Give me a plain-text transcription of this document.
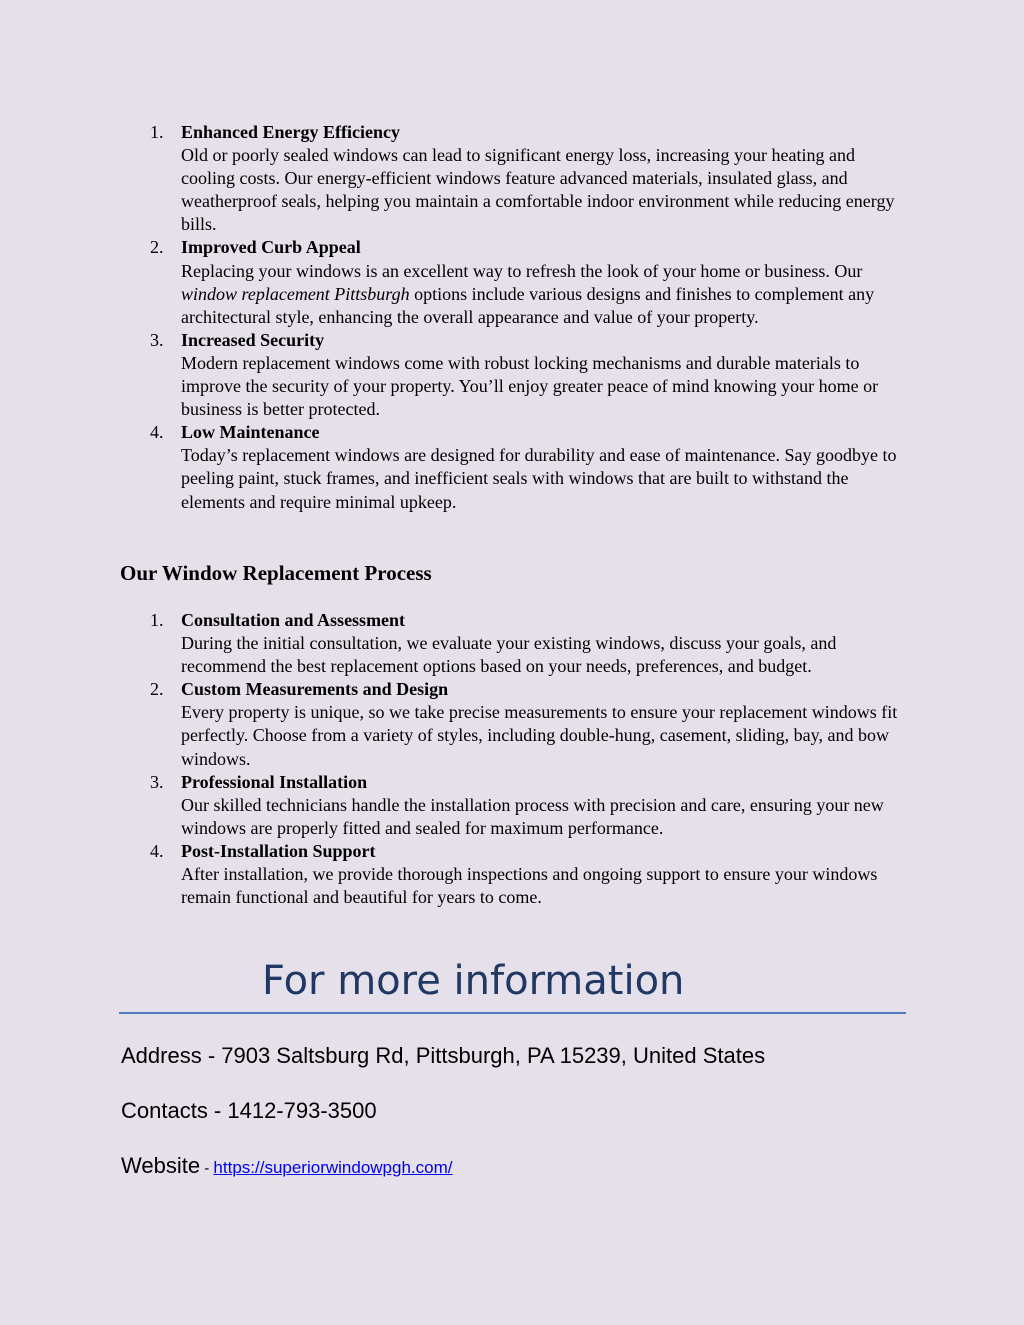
1. Enhanced Energy Efficiency
Old or poorly sealed windows can lead to significant energy loss, increasing your heating and cooling costs. Our energy-efficient windows feature advanced materials, insulated glass, and weatherproof seals, helping you maintain a comfortable indoor environment while reducing energy bills.
2. Improved Curb Appeal
Replacing your windows is an excellent way to refresh the look of your home or business. Our window replacement Pittsburgh options include various designs and finishes to complement any architectural style, enhancing the overall appearance and value of your property.
3. Increased Security
Modern replacement windows come with robust locking mechanisms and durable materials to improve the security of your property. You’ll enjoy greater peace of mind knowing your home or business is better protected.
4. Low Maintenance
Today’s replacement windows are designed for durability and ease of maintenance. Say goodbye to peeling paint, stuck frames, and inefficient seals with windows that are built to withstand the elements and require minimal upkeep.
Our Window Replacement Process
1. Consultation and Assessment
During the initial consultation, we evaluate your existing windows, discuss your goals, and recommend the best replacement options based on your needs, preferences, and budget.
2. Custom Measurements and Design
Every property is unique, so we take precise measurements to ensure your replacement windows fit perfectly. Choose from a variety of styles, including double-hung, casement, sliding, bay, and bow windows.
3. Professional Installation
Our skilled technicians handle the installation process with precision and care, ensuring your new windows are properly fitted and sealed for maximum performance.
4. Post-Installation Support
After installation, we provide thorough inspections and ongoing support to ensure your windows remain functional and beautiful for years to come.
For more information

Address - 7903 Saltsburg Rd, Pittsburgh, PA 15239, United States

Contacts - 1412-793-3500

Website - https://superiorwindowpgh.com/
